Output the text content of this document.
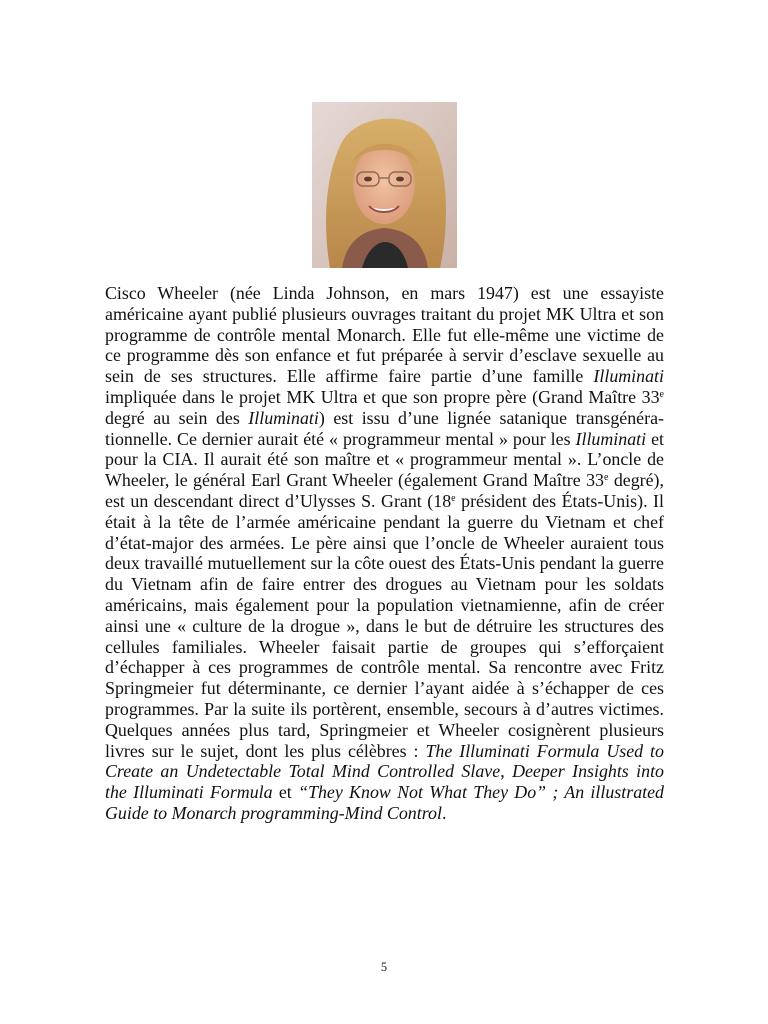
Cisco Wheeler (née Linda Johnson, en mars 1947) est une essayiste américaine ayant publié plusieurs ouvrages traitant du projet MK Ultra et son programme de contrôle mental Monarch. Elle fut elle-même une victime de ce programme dès son enfance et fut préparée à servir d’esclave sexuelle au sein de ses structures. Elle affirme faire partie d’une famille Illuminati impliquée dans le projet MK Ultra et que son propre père (Grand Maître 33e degré au sein des Illuminati) est issu d’une lignée satanique transgénérationnelle. Ce dernier aurait été « programmeur mental » pour les Illuminati et pour la CIA. Il aurait été son maître et « programmeur mental ». L’oncle de Wheeler, le général Earl Grant Wheeler (également Grand Maître 33e degré), est un descendant direct d’Ulysses S. Grant (18e président des États-Unis). Il était à la tête de l’armée américaine pendant la guerre du Vietnam et chef d’état-major des armées. Le père ainsi que l’oncle de Wheeler auraient tous deux travaillé mutuellement sur la côte ouest des États-Unis pendant la guerre du Vietnam afin de faire entrer des drogues au Vietnam pour les soldats américains, mais également pour la population vietnamienne, afin de créer ainsi une « culture de la drogue », dans le but de détruire les structures des cellules familiales. Wheeler faisait partie de groupes qui s’efforçaient d’échapper à ces programmes de contrôle mental. Sa rencontre avec Fritz Springmeier fut déterminante, ce dernier l’ayant aidée à s’échapper de ces programmes. Par la suite ils portèrent, ensemble, secours à d’autres victimes. Quelques années plus tard, Springmeier et Wheeler cosignèrent plusieurs livres sur le sujet, dont les plus célèbres : The Illuminati Formula Used to Create an Undetectable Total Mind Controlled Slave, Deeper Insights into the Illuminati Formula et “They Know Not What They Do” ; An illustrated Guide to Monarch programming-Mind Control.

5
